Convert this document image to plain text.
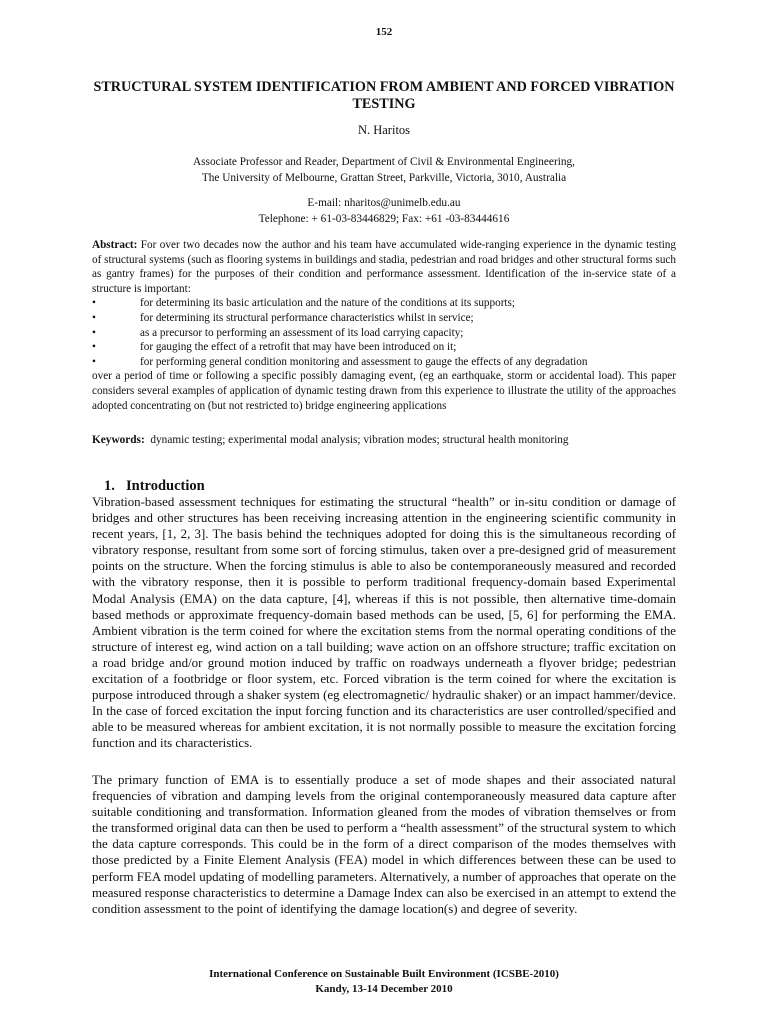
152
STRUCTURAL SYSTEM IDENTIFICATION FROM AMBIENT AND FORCED VIBRATION TESTING
N. Haritos
Associate Professor and Reader, Department of Civil & Environmental Engineering,
The University of Melbourne, Grattan Street, Parkville, Victoria, 3010, Australia
E-mail: nharitos@unimelb.edu.au
Telephone: + 61-03-83446829; Fax: +61 -03-83444616
Abstract: For over two decades now the author and his team have accumulated wide-ranging experience in the dynamic testing of structural systems (such as flooring systems in buildings and stadia, pedestrian and road bridges and other structural forms such as gantry frames) for the purposes of their condition and performance assessment. Identification of the in-service state of a structure is important:
•	for determining its basic articulation and the nature of the conditions at its supports;
•	for determining its structural performance characteristics whilst in service;
•	as a precursor to performing an assessment of its load carrying capacity;
•	for gauging the effect of a retrofit that may have been introduced on it;
•	for performing general condition monitoring and assessment to gauge the effects of any degradation
over a period of time or following a specific possibly damaging event, (eg an earthquake, storm or accidental load). This paper considers several examples of application of dynamic testing drawn from this experience to illustrate the utility of the approaches adopted concentrating on (but not restricted to) bridge engineering applications
Keywords: dynamic testing; experimental modal analysis; vibration modes; structural health monitoring
1. Introduction
Vibration-based assessment techniques for estimating the structural “health” or in-situ condition or damage of bridges and other structures has been receiving increasing attention in the engineering scientific community in recent years, [1, 2, 3]. The basis behind the techniques adopted for doing this is the simultaneous recording of vibratory response, resultant from some sort of forcing stimulus, taken over a pre-designed grid of measurement points on the structure. When the forcing stimulus is able to also be contemporaneously measured and recorded with the vibratory response, then it is possible to perform traditional frequency-domain based Experimental Modal Analysis (EMA) on the data capture, [4], whereas if this is not possible, then alternative time-domain based methods or approximate frequency-domain based methods can be used, [5, 6] for performing the EMA. Ambient vibration is the term coined for where the excitation stems from the normal operating conditions of the structure of interest eg, wind action on a tall building; wave action on an offshore structure; traffic excitation on a road bridge and/or ground motion induced by traffic on roadways underneath a flyover bridge; pedestrian excitation of a footbridge or floor system, etc. Forced vibration is the term coined for where the excitation is purpose introduced through a shaker system (eg electromagnetic/ hydraulic shaker) or an impact hammer/device. In the case of forced excitation the input forcing function and its characteristics are user controlled/specified and able to be measured whereas for ambient excitation, it is not normally possible to measure the excitation forcing function and its characteristics.
The primary function of EMA is to essentially produce a set of mode shapes and their associated natural frequencies of vibration and damping levels from the original contemporaneously measured data capture after suitable conditioning and transformation. Information gleaned from the modes of vibration themselves or from the transformed original data can then be used to perform a “health assessment” of the structural system to which the data capture corresponds. This could be in the form of a direct comparison of the modes themselves with those predicted by a Finite Element Analysis (FEA) model in which differences between these can be used to perform FEA model updating of modelling parameters. Alternatively, a number of approaches that operate on the measured response characteristics to determine a Damage Index can also be exercised in an attempt to extend the condition assessment to the point of identifying the damage location(s) and degree of severity.
International Conference on Sustainable Built Environment (ICSBE-2010)
Kandy, 13-14 December 2010
